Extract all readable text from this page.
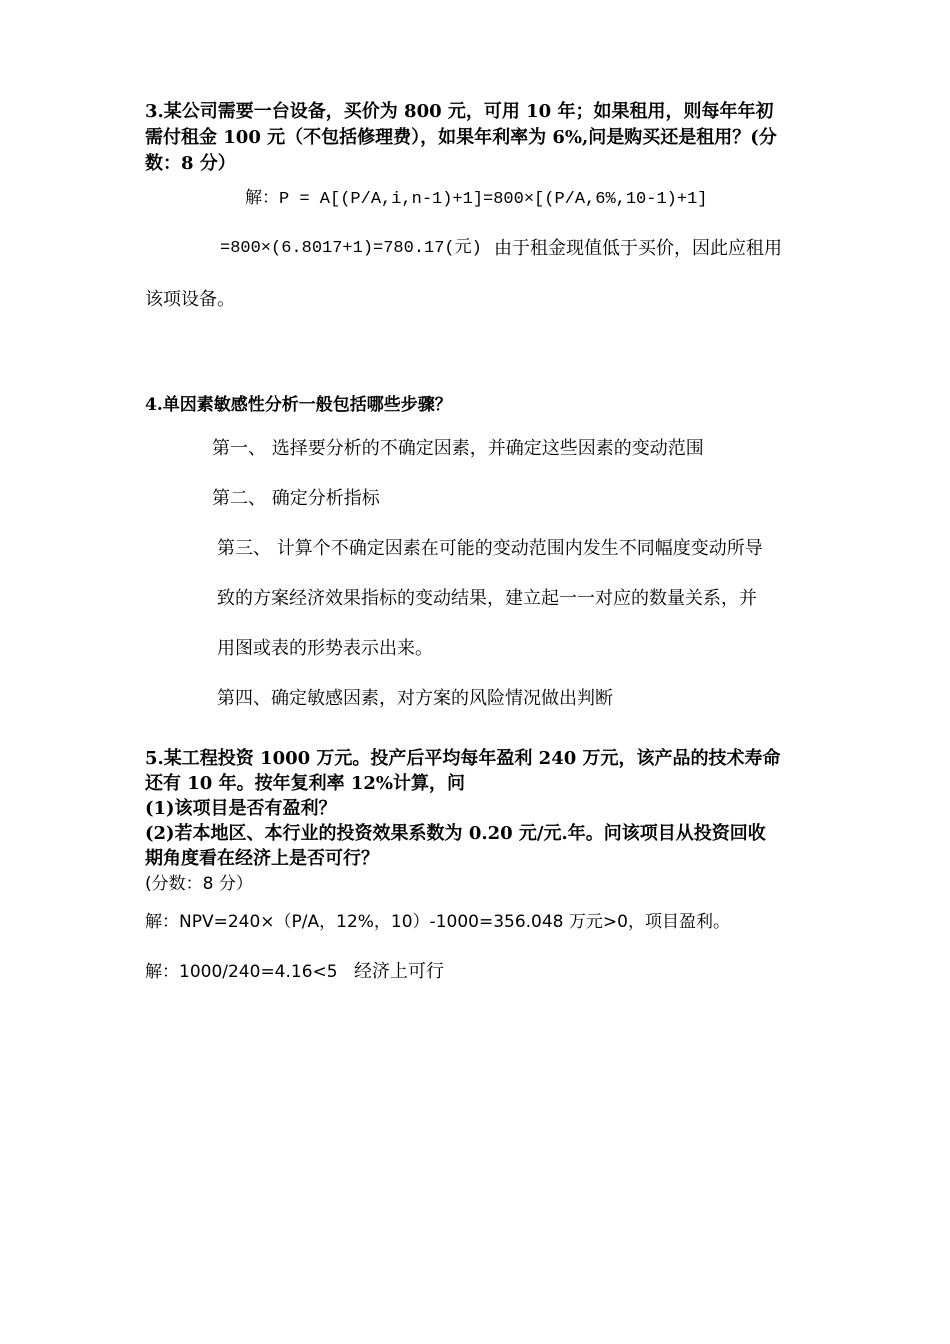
3.某公司需要一台设备，买价为 800 元，可用 10 年；如果租用，则每年年初
需付租金 100 元（不包括修理费），如果年利率为 6%,问是购买还是租用？(分
数：8 分）
解：P = A[(P/A,i,n-1)+1]=800×[(P/A,6%,10-1)+1]
=800×(6.8017+1)=780.17(元) 由于租金现值低于买价，因此应租用
该项设备。
4.单因素敏感性分析一般包括哪些步骤？
第一、 选择要分析的不确定因素，并确定这些因素的变动范围
第二、 确定分析指标
第三、 计算个不确定因素在可能的变动范围内发生不同幅度变动所导
致的方案经济效果指标的变动结果，建立起一一对应的数量关系，并
用图或表的形势表示出来。
第四、确定敏感因素，对方案的风险情况做出判断
5.某工程投资 1000 万元。投产后平均每年盈利 240 万元，该产品的技术寿命
还有 10 年。按年复利率 12%计算，问
(1)该项目是否有盈利？
(2)若本地区、本行业的投资效果系数为 0.20 元/元.年。问该项目从投资回收
期角度看在经济上是否可行？
(分数：8 分）
解：NPV=240×（P/A，12%，10）-1000=356.048 万元>0，项目盈利。
解：1000/240=4.16<5 经济上可行
